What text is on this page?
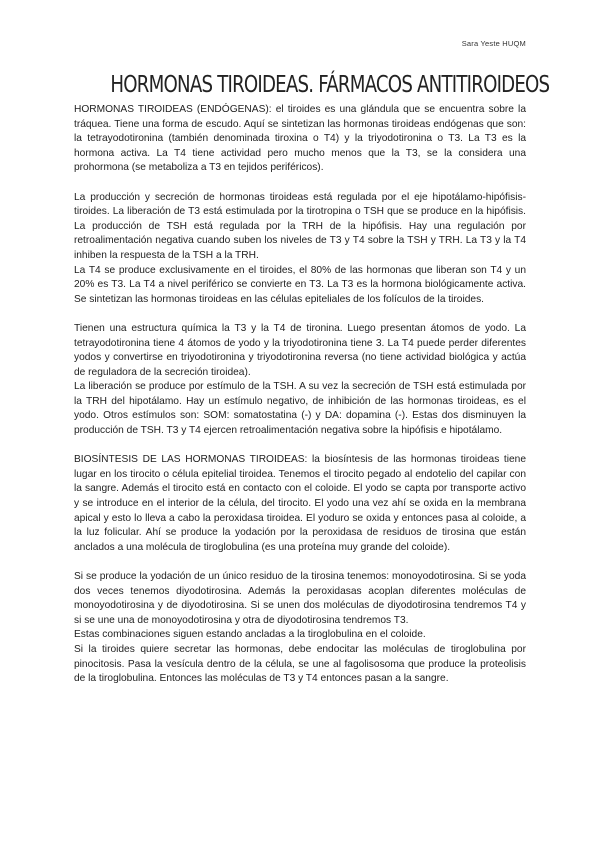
Sara Yeste HUQM
HORMONAS TIROIDEAS. FÁRMACOS ANTITIROIDEOS

HORMONAS TIROIDEAS (ENDÓGENAS): el tiroides es una glándula que se encuentra sobre la tráquea. Tiene una forma de escudo. Aquí se sintetizan las hormonas tiroideas endógenas que son: la tetrayodotironina (también denominada tiroxina o T4) y la triyodotironina o T3. La T3 es la hormona activa. La T4 tiene actividad pero mucho menos que la T3, se la considera una prohormona (se metaboliza a T3 en tejidos periféricos).

La producción y secreción de hormonas tiroideas está regulada por el eje hipotálamo-hipófisis-tiroides. La liberación de T3 está estimulada por la tirotropina o TSH que se produce en la hipófisis. La producción de TSH está regulada por la TRH de la hipófisis. Hay una regulación por retroalimentación negativa cuando suben los niveles de T3 y T4 sobre la TSH y TRH. La T3 y la T4 inhiben la respuesta de la TSH a la TRH.

La T4 se produce exclusivamente en el tiroides, el 80% de las hormonas que liberan son T4 y un 20% es T3. La T4 a nivel periférico se convierte en T3. La T3 es la hormona biológicamente activa. Se sintetizan las hormonas tiroideas en las células epiteliales de los folículos de la tiroides.

Tienen una estructura química la T3 y la T4 de tironina. Luego presentan átomos de yodo. La tetrayodotironina tiene 4 átomos de yodo y la triyodotironina tiene 3. La T4 puede perder diferentes yodos y convertirse en triyodotironina y triyodotironina reversa (no tiene actividad biológica y actúa de reguladora de la secreción tiroidea).

La liberación se produce por estímulo de la TSH. A su vez la secreción de TSH está estimulada por la TRH del hipotálamo. Hay un estímulo negativo, de inhibición de las hormonas tiroideas, es el yodo. Otros estímulos son: SOM: somatostatina (-) y DA: dopamina (-). Estas dos disminuyen la producción de TSH. T3 y T4 ejercen retroalimentación negativa sobre la hipófisis e hipotálamo.

BIOSÍNTESIS DE LAS HORMONAS TIROIDEAS: la biosíntesis de las hormonas tiroideas tiene lugar en los tirocito o célula epitelial tiroidea. Tenemos el tirocito pegado al endotelio del capilar con la sangre. Además el tirocito está en contacto con el coloide. El yodo se capta por transporte activo y se introduce en el interior de la célula, del tirocito. El yodo una vez ahí se oxida en la membrana apical y esto lo lleva a cabo la peroxidasa tiroidea. El yoduro se oxida y entonces pasa al coloide, a la luz folicular. Ahí se produce la yodación por la peroxidasa de residuos de tirosina que están anclados a una molécula de tiroglobulina (es una proteína muy grande del coloide).

Si se produce la yodación de un único residuo de la tirosina tenemos: monoyodotirosina. Si se yoda dos veces tenemos diyodotirosina. Además la peroxidasas acoplan diferentes moléculas de monoyodotirosina y de diyodotirosina. Si se unen dos moléculas de diyodotirosina tendremos T4 y si se une una de monoyodotirosina y otra de diyodotirosina tendremos T3.

Estas combinaciones siguen estando ancladas a la tiroglobulina en el coloide.

Si la tiroides quiere secretar las hormonas, debe endocitar las moléculas de tiroglobulina por pinocitosis. Pasa la vesícula dentro de la célula, se une al fagolisosoma que produce la proteolisis de la tiroglobulina. Entonces las moléculas de T3 y T4 entonces pasan a la sangre.
